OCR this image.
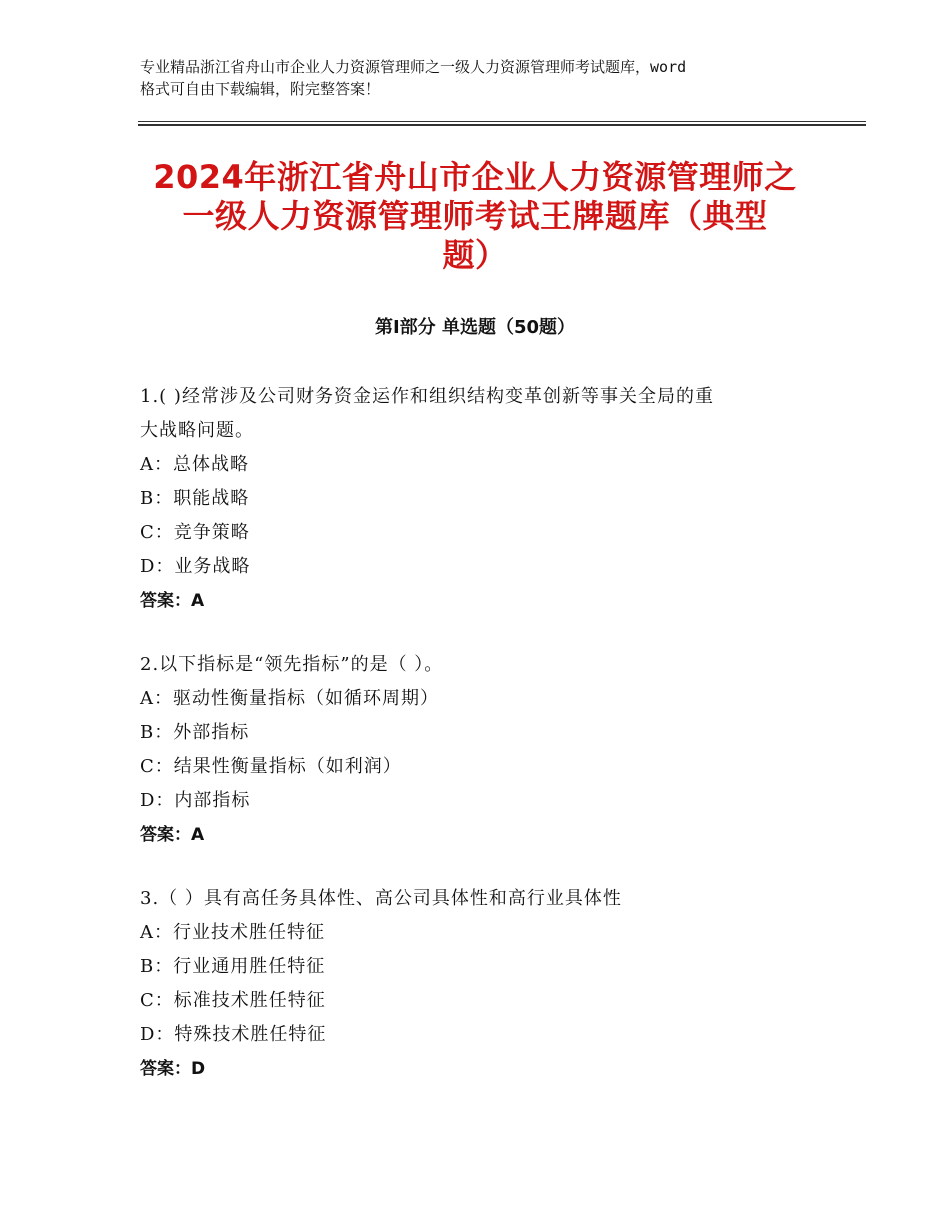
专业精品浙江省舟山市企业人力资源管理师之一级人力资源管理师考试题库，word
格式可自由下载编辑，附完整答案！
2024年浙江省舟山市企业人力资源管理师之
一级人力资源管理师考试王牌题库（典型
题）
第Ⅰ部分 单选题（50题）
1.( )经常涉及公司财务资金运作和组织结构变革创新等事关全局的重
大战略问题。
A：总体战略
B：职能战略
C：竞争策略
D：业务战略
答案：A
2.以下指标是“领先指标”的是（ ）。
A：驱动性衡量指标（如循环周期）
B：外部指标
C：结果性衡量指标（如利润）
D：内部指标
答案：A
3.（ ）具有高任务具体性、高公司具体性和高行业具体性
A：行业技术胜任特征
B：行业通用胜任特征
C：标准技术胜任特征
D：特殊技术胜任特征
答案：D
